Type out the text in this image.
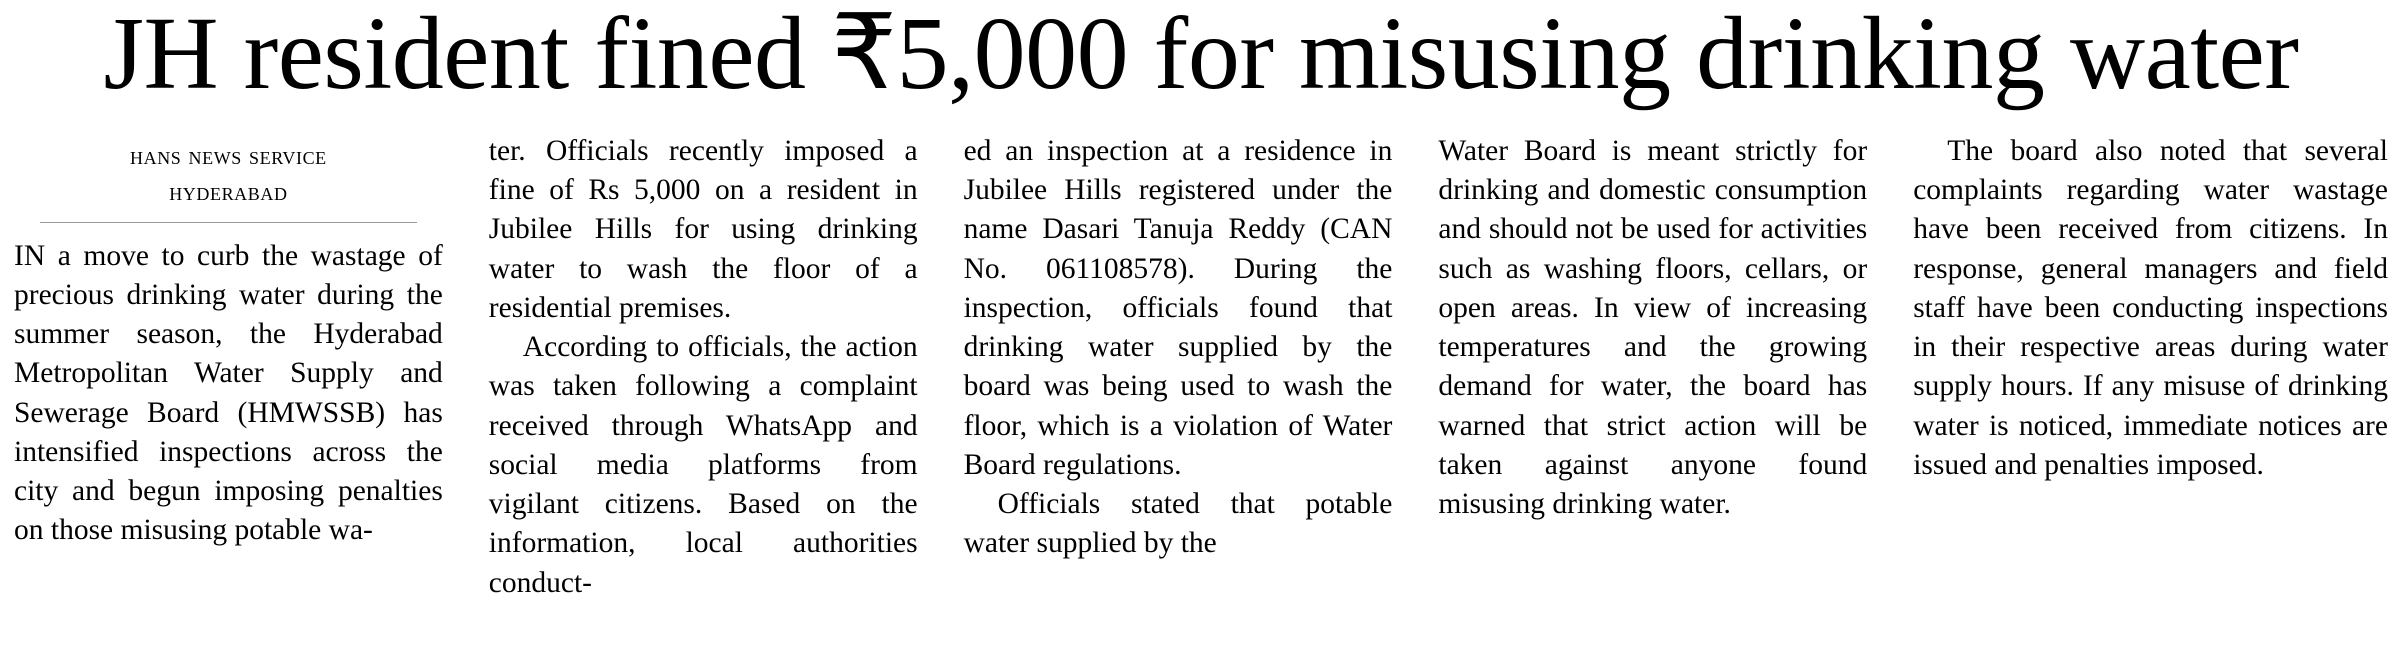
JH resident fined ₹5,000 for misusing drinking water
hans news service
hyderabad

IN a move to curb the wastage of precious drinking water during the summer season, the Hyderabad Metropolitan Water Supply and Sewerage Board (HMWSSB) has intensified inspections across the city and begun imposing penalties on those misusing potable wa-

ter. Officials recently imposed a fine of Rs 5,000 on a resident in Jubilee Hills for using drinking water to wash the floor of a residential premises.

According to officials, the action was taken following a complaint received through WhatsApp and social media platforms from vigilant citizens. Based on the information, local authorities conduct-

ed an inspection at a residence in Jubilee Hills registered under the name Dasari Tanuja Reddy (CAN No. 061108578). During the inspection, officials found that drinking water supplied by the board was being used to wash the floor, which is a violation of Water Board regulations.

Officials stated that potable water supplied by the

Water Board is meant strictly for drinking and domestic consumption and should not be used for activities such as washing floors, cellars, or open areas. In view of increasing temperatures and the growing demand for water, the board has warned that strict action will be taken against anyone found misusing drinking water.

The board also noted that several complaints regarding water wastage have been received from citizens. In response, general managers and field staff have been conducting inspections in their respective areas during water supply hours. If any misuse of drinking water is noticed, immediate notices are issued and penalties imposed.
